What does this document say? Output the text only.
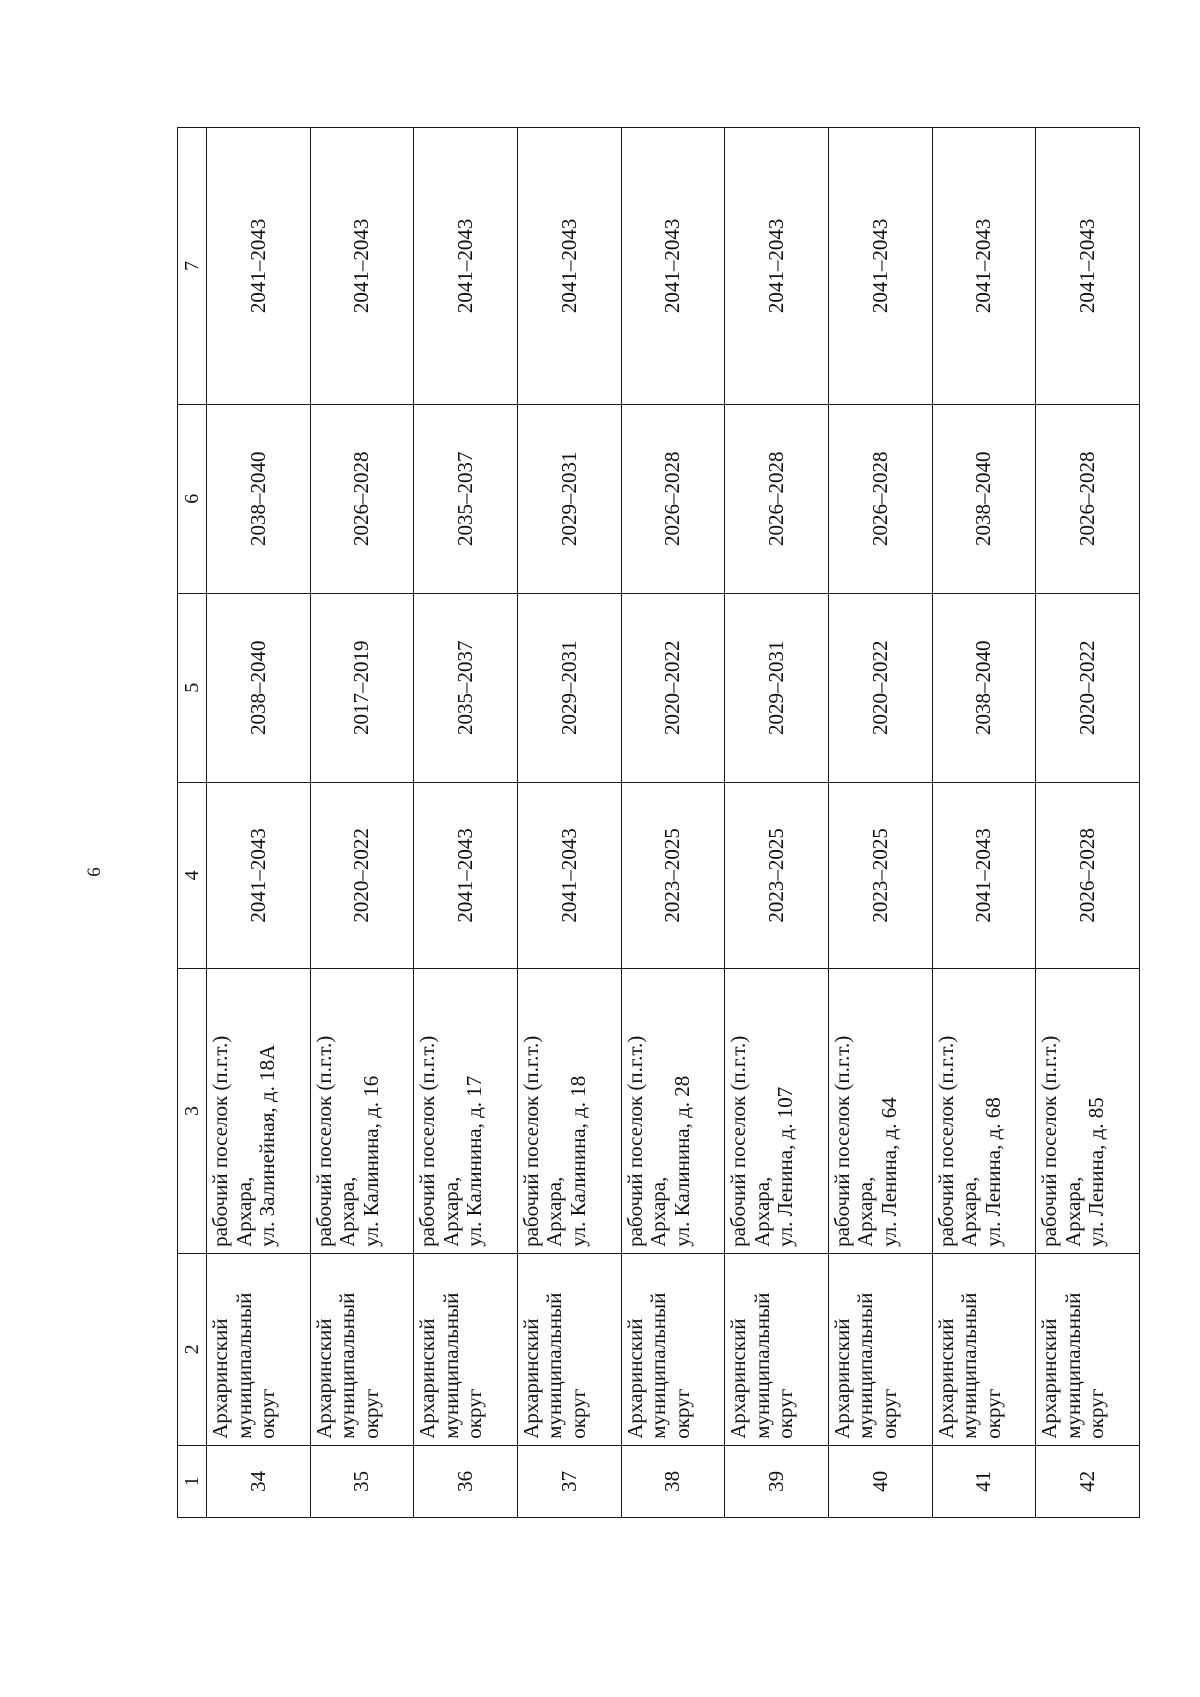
6
1	2	3	4	5	6	7
34	Архаринский муниципальный округ	рабочий поселок (п.г.т.) Архара, ул. Залинейная, д. 18А	2041–2043	2038–2040	2038–2040	2041–2043
35	Архаринский муниципальный округ	рабочий поселок (п.г.т.) Архара, ул. Калинина, д. 16	2020–2022	2017–2019	2026–2028	2041–2043
36	Архаринский муниципальный округ	рабочий поселок (п.г.т.) Архара, ул. Калинина, д. 17	2041–2043	2035–2037	2035–2037	2041–2043
37	Архаринский муниципальный округ	рабочий поселок (п.г.т.) Архара, ул. Калинина, д. 18	2041–2043	2029–2031	2029–2031	2041–2043
38	Архаринский муниципальный округ	рабочий поселок (п.г.т.) Архара, ул. Калинина, д. 28	2023–2025	2020–2022	2026–2028	2041–2043
39	Архаринский муниципальный округ	рабочий поселок (п.г.т.) Архара, ул. Ленина, д. 107	2023–2025	2029–2031	2026–2028	2041–2043
40	Архаринский муниципальный округ	рабочий поселок (п.г.т.) Архара, ул. Ленина, д. 64	2023–2025	2020–2022	2026–2028	2041–2043
41	Архаринский муниципальный округ	рабочий поселок (п.г.т.) Архара, ул. Ленина, д. 68	2041–2043	2038–2040	2038–2040	2041–2043
42	Архаринский муниципальный округ	рабочий поселок (п.г.т.) Архара, ул. Ленина, д. 85	2026–2028	2020–2022	2026–2028	2041–2043
